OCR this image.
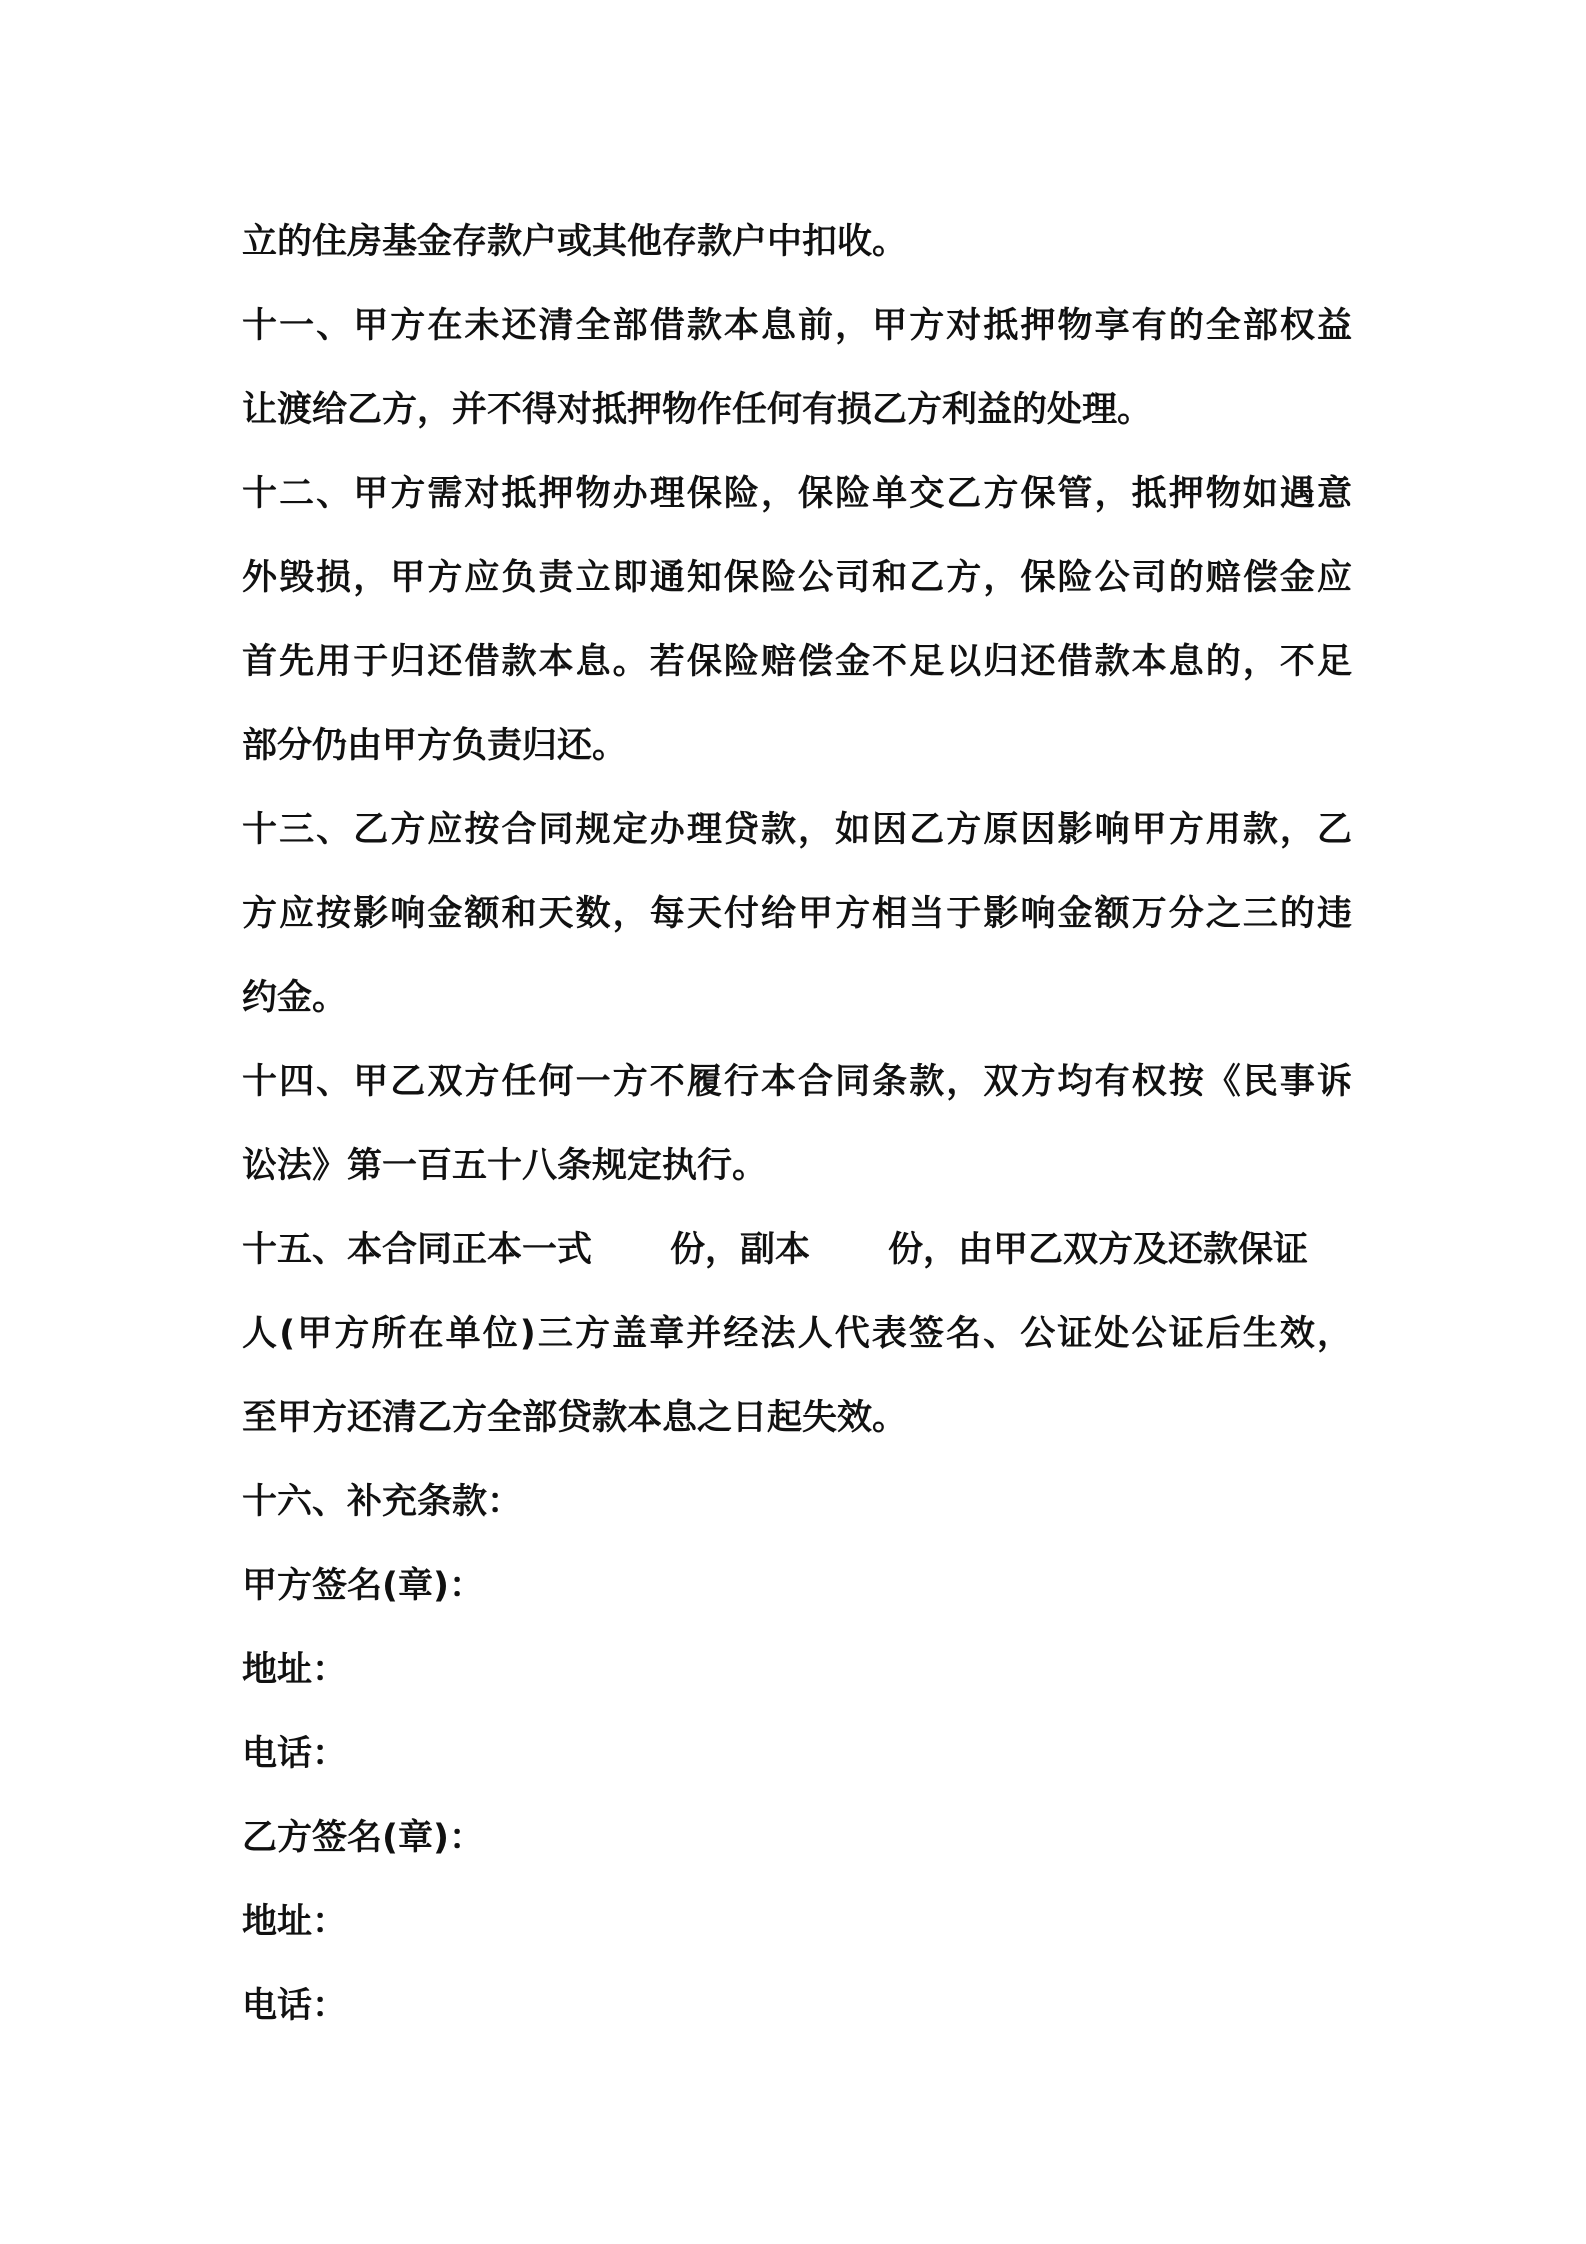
立的住房基金存款户或其他存款户中扣收。
十一、甲方在未还清全部借款本息前，甲方对抵押物享有的全部权益
让渡给乙方，并不得对抵押物作任何有损乙方利益的处理。
十二、甲方需对抵押物办理保险，保险单交乙方保管，抵押物如遇意
外毁损，甲方应负责立即通知保险公司和乙方，保险公司的赔偿金应
首先用于归还借款本息。若保险赔偿金不足以归还借款本息的，不足
部分仍由甲方负责归还。
十三、乙方应按合同规定办理贷款，如因乙方原因影响甲方用款，乙
方应按影响金额和天数，每天付给甲方相当于影响金额万分之三的违
约金。
十四、甲乙双方任何一方不履行本合同条款，双方均有权按《民事诉
讼法》第一百五十八条规定执行。
十五、本合同正本一式 份，副本 份，由甲乙双方及还款保证
人(甲方所在单位)三方盖章并经法人代表签名、公证处公证后生效，
至甲方还清乙方全部贷款本息之日起失效。
十六、补充条款：
甲方签名(章)：
地址：
电话：
乙方签名(章)：
地址：
电话：
